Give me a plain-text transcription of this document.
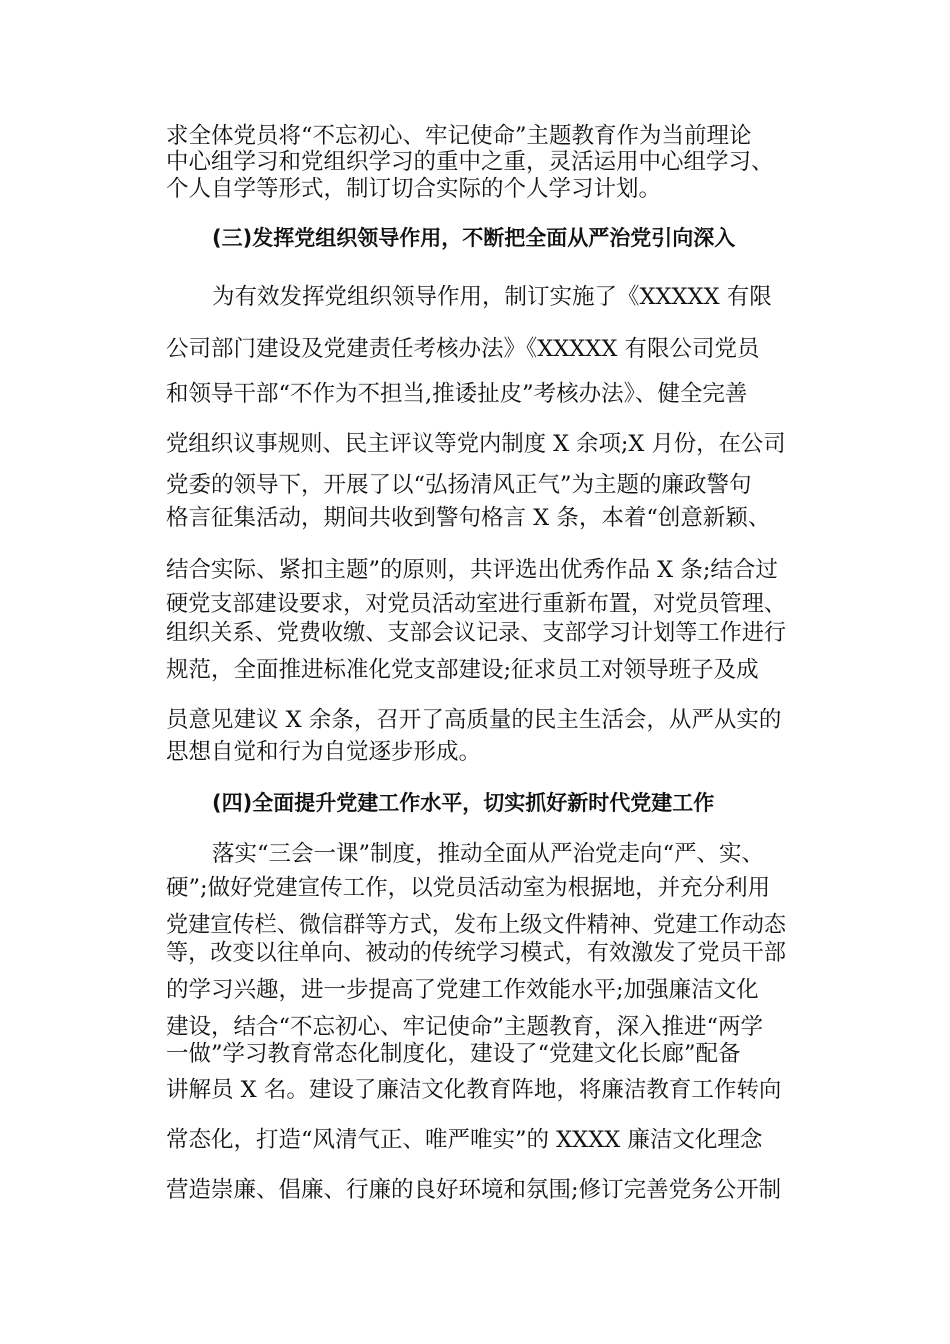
求全体党员将“不忘初心、牢记使命”主题教育作为当前理论
中心组学习和党组织学习的重中之重，灵活运用中心组学习、
个人自学等形式，制订切合实际的个人学习计划。
(三)发挥党组织领导作用，不断把全面从严治党引向深入
为有效发挥党组织领导作用，制订实施了《XXXXX 有限
公司部门建设及党建责任考核办法》《XXXXX 有限公司党员
和领导干部“不作为不担当,推诿扯皮”考核办法》、健全完善
党组织议事规则、民主评议等党内制度 X 余项;X 月份，在公司
党委的领导下，开展了以“弘扬清风正气”为主题的廉政警句
格言征集活动，期间共收到警句格言 X 条，本着“创意新颖、
结合实际、紧扣主题”的原则，共评选出优秀作品 X 条;结合过
硬党支部建设要求，对党员活动室进行重新布置，对党员管理、
组织关系、党费收缴、支部会议记录、支部学习计划等工作进行
规范，全面推进标准化党支部建设;征求员工对领导班子及成
员意见建议 X 余条，召开了高质量的民主生活会，从严从实的
思想自觉和行为自觉逐步形成。
(四)全面提升党建工作水平，切实抓好新时代党建工作
落实“三会一课”制度，推动全面从严治党走向“严、实、
硬”;做好党建宣传工作，以党员活动室为根据地，并充分利用
党建宣传栏、微信群等方式，发布上级文件精神、党建工作动态
等，改变以往单向、被动的传统学习模式，有效激发了党员干部
的学习兴趣，进一步提高了党建工作效能水平;加强廉洁文化
建设，结合“不忘初心、牢记使命”主题教育，深入推进“两学
一做”学习教育常态化制度化，建设了“党建文化长廊”配备
讲解员 X 名。建设了廉洁文化教育阵地，将廉洁教育工作转向
常态化，打造“风清气正、唯严唯实”的 XXXX 廉洁文化理念
营造崇廉、倡廉、行廉的良好环境和氛围;修订完善党务公开制
